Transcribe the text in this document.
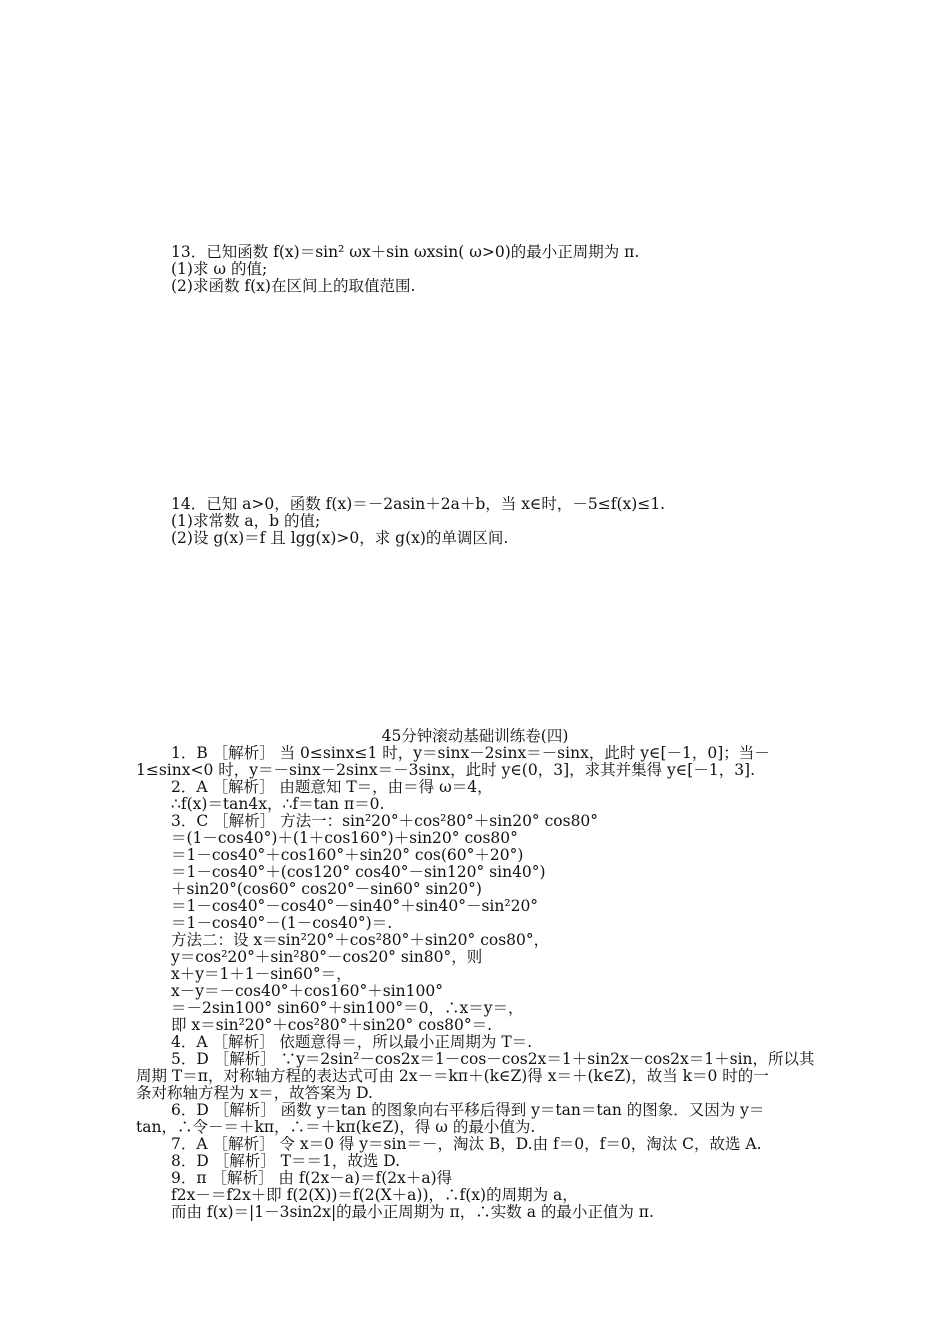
13．已知函数 f(x)＝sin² ωx＋sin ωxsin( ω>0)的最小正周期为 π.
(1)求 ω 的值;
(2)求函数 f(x)在区间上的取值范围.
14．已知 a>0，函数 f(x)＝－2asin＋2a＋b，当 x∈时，－5≤f(x)≤1.
(1)求常数 a，b 的值;
(2)设 g(x)＝f 且 lgg(x)>0，求 g(x)的单调区间.
45分钟滚动基础训练卷(四)
1．B ［解析］ 当 0≤sinx≤1 时，y＝sinx－2sinx＝－sinx，此时 y∈[－1，0]；当－
1≤sinx<0 时，y＝－sinx－2sinx＝－3sinx，此时 y∈(0，3]，求其并集得 y∈[－1，3].
2．A ［解析］ 由题意知 T＝，由＝得 ω＝4，
∴f(x)＝tan4x，∴f＝tan π＝0.
3．C ［解析］ 方法一：sin²20°＋cos²80°＋sin20° cos80°
＝(1－cos40°)＋(1＋cos160°)＋sin20° cos80°
＝1－cos40°＋cos160°＋sin20° cos(60°＋20°)
＝1－cos40°＋(cos120° cos40°－sin120° sin40°)
＋sin20°(cos60° cos20°－sin60° sin20°)
＝1－cos40°－cos40°－sin40°＋sin40°－sin²20°
＝1－cos40°－(1－cos40°)＝.
方法二：设 x＝sin²20°＋cos²80°＋sin20° cos80°，
y＝cos²20°＋sin²80°－cos20° sin80°，则
x＋y＝1＋1－sin60°＝，
x－y＝－cos40°＋cos160°＋sin100°
＝－2sin100° sin60°＋sin100°＝0，∴x＝y＝，
即 x＝sin²20°＋cos²80°＋sin20° cos80°＝.
4．A ［解析］ 依题意得＝，所以最小正周期为 T＝.
5．D ［解析］ ∵y＝2sin²－cos2x＝1－cos－cos2x＝1＋sin2x－cos2x＝1＋sin，所以其
周期 T＝π，对称轴方程的表达式可由 2x－＝kπ＋(k∈Z)得 x＝＋(k∈Z)，故当 k＝0 时的一
条对称轴方程为 x＝，故答案为 D.
6．D ［解析］ 函数 y＝tan 的图象向右平移后得到 y＝tan＝tan 的图象．又因为 y＝
tan，∴令－＝＋kπ，∴＝＋kπ(k∈Z)，得 ω 的最小值为.
7．A ［解析］ 令 x＝0 得 y＝sin＝－，淘汰 B，D.由 f＝0，f＝0，淘汰 C，故选 A.
8．D ［解析］ T＝＝1，故选 D.
9．π ［解析］ 由 f(2x－a)＝f(2x＋a)得
f2x－＝f2x＋即 f(2(X))＝f(2(X＋a))，∴f(x)的周期为 a，
而由 f(x)＝|1－3sin2x|的最小正周期为 π，∴实数 a 的最小正值为 π.
